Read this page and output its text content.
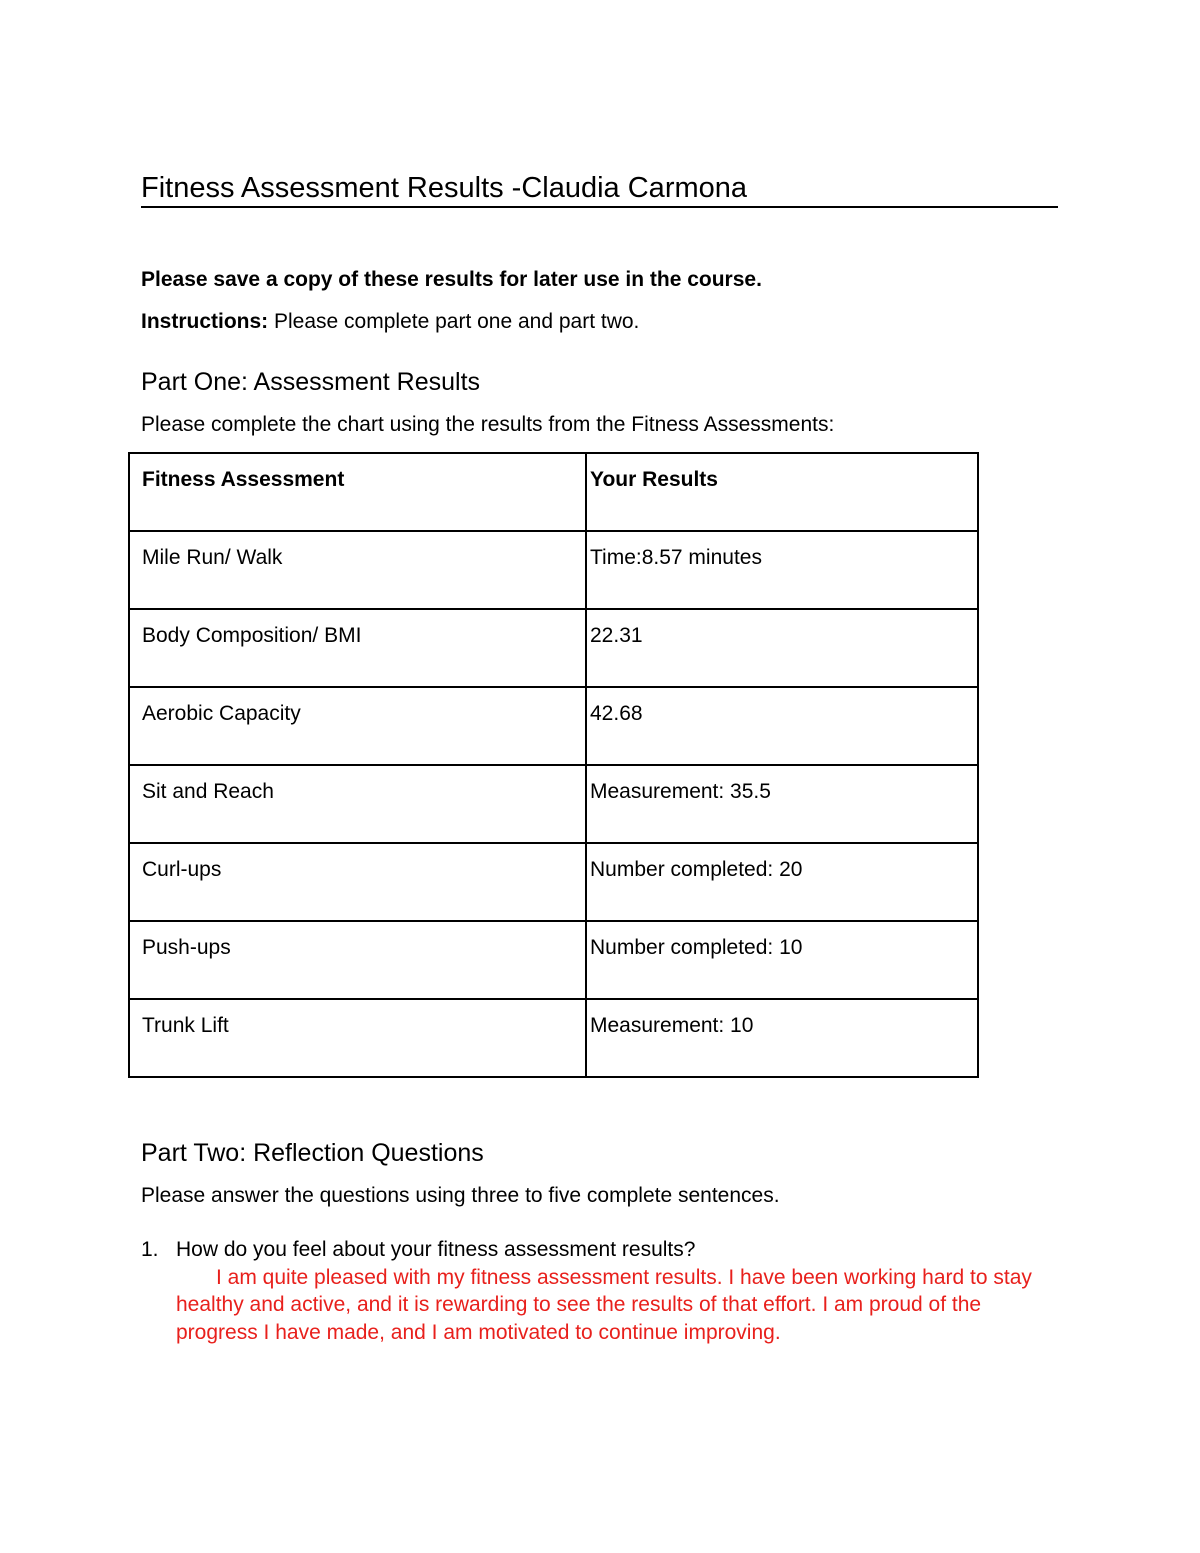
Fitness Assessment Results -Claudia Carmona
Please save a copy of these results for later use in the course.
Instructions: Please complete part one and part two.
Part One: Assessment Results
Please complete the chart using the results from the Fitness Assessments:
Fitness Assessment	Your Results
Mile Run/ Walk	Time:8.57 minutes
Body Composition/ BMI	22.31
Aerobic Capacity	42.68
Sit and Reach	Measurement: 35.5
Curl-ups	Number completed: 20
Push-ups	Number completed: 10
Trunk Lift	Measurement: 10
Part Two: Reflection Questions
Please answer the questions using three to five complete sentences.
1. How do you feel about your fitness assessment results?
I am quite pleased with my fitness assessment results. I have been working hard to stay healthy and active, and it is rewarding to see the results of that effort. I am proud of the progress I have made, and I am motivated to continue improving.
